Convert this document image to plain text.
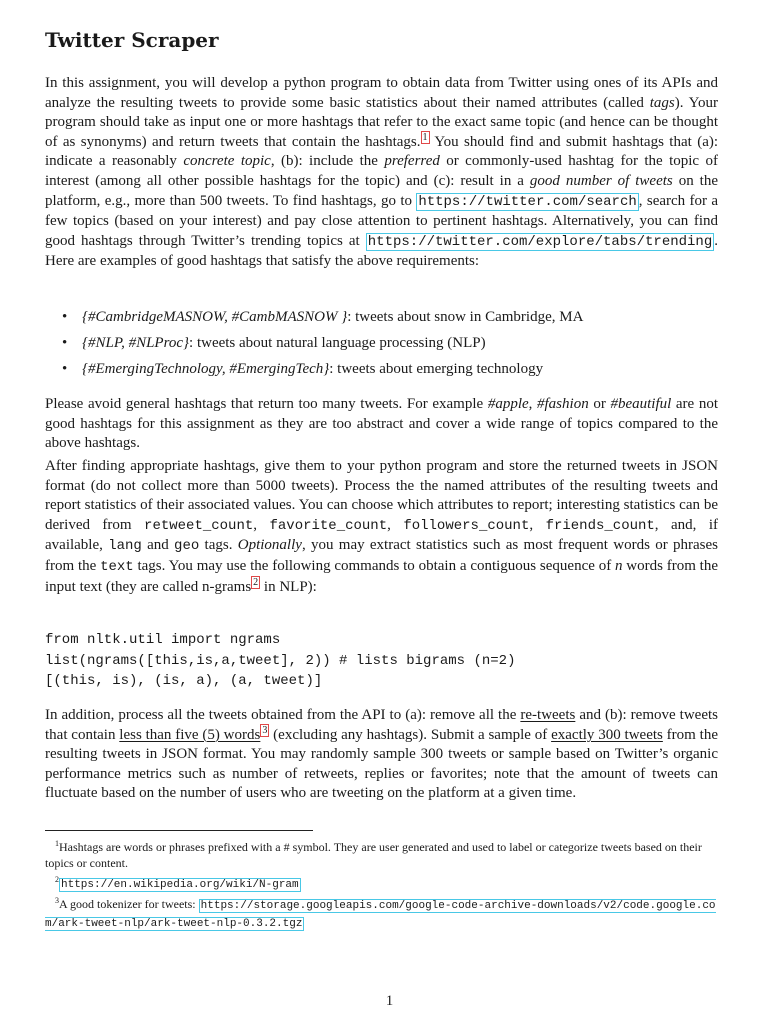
Twitter Scraper
In this assignment, you will develop a python program to obtain data from Twitter using ones of its APIs and analyze the resulting tweets to provide some basic statistics about their named attributes (called tags). Your program should take as input one or more hashtags that refer to the exact same topic (and hence can be thought of as synonyms) and return tweets that contain the hashtags. $^1$ You should find and submit hashtags that (a): indicate a reasonably concrete topic, (b): include the preferred or commonly-used hashtag for the topic of interest (among all other possible hashtags for the topic) and (c): result in a good number of tweets on the platform, e.g., more than 500 tweets. To find hashtags, go to https://twitter.com/search , search for a few topics (based on your interest) and pay close attention to pertinent hashtags. Alternatively, you can find good hashtags through Twitter’s trending topics at https://twitter.com/explore/tabs/trending . Here are examples of good hashtags that satisfy the above requirements:
• {#CambridgeMASNOW, #CambMASNOW }: tweets about snow in Cambridge, MA
• {#NLP, #NLProc}: tweets about natural language processing (NLP)
• {#EmergingTechnology, #EmergingTech}: tweets about emerging technology
Please avoid general hashtags that return too many tweets. For example #apple, #fashion or #beautiful are not good hashtags for this assignment as they are too abstract and cover a wide range of topics compared to the above hashtags.
After finding appropriate hashtags, give them to your python program and store the returned tweets in JSON format (do not collect more than 5000 tweets). Process the the named attributes of the resulting tweets and report statistics of their associated values. You can choose which attributes to report; interesting statistics can be derived from retweet_count, favorite_count, followers_count, friends_count, and, if available, lang and geo tags. Optionally, you may extract statistics such as most frequent words or phrases from the text tags. You may use the following commands to obtain a contiguous sequence of n words from the input text (they are called n-grams $^2$ in NLP):
from nltk.util import ngrams
list(ngrams([this,is,a,tweet], 2)) # lists bigrams (n=2)
[(this, is), (is, a), (a, tweet)]
In addition, process all the tweets obtained from the API to (a): remove all the re-tweets and (b): remove tweets that contain less than five (5) words $^3$ (excluding any hashtags). Submit a sample of exactly 300 tweets from the resulting tweets in JSON format. You may randomly sample 300 tweets or sample based on Twitter’s organic performance metrics such as number of retweets, replies or favorites; note that the amount of tweets can fluctuate based on the number of users who are tweeting on the platform at a given time.

$^1$Hashtags are words or phrases prefixed with a # symbol. They are user generated and used to label or categorize tweets based on their topics or content.

$^2$ https://en.wikipedia.org/wiki/N-gram

$^3$A good tokenizer for tweets: https://storage.googleapis.com/google-code-archive-downloads/v2/code.google.com/ark-tweet-nlp/ark-tweet-nlp-0.3.2.tgz

1
